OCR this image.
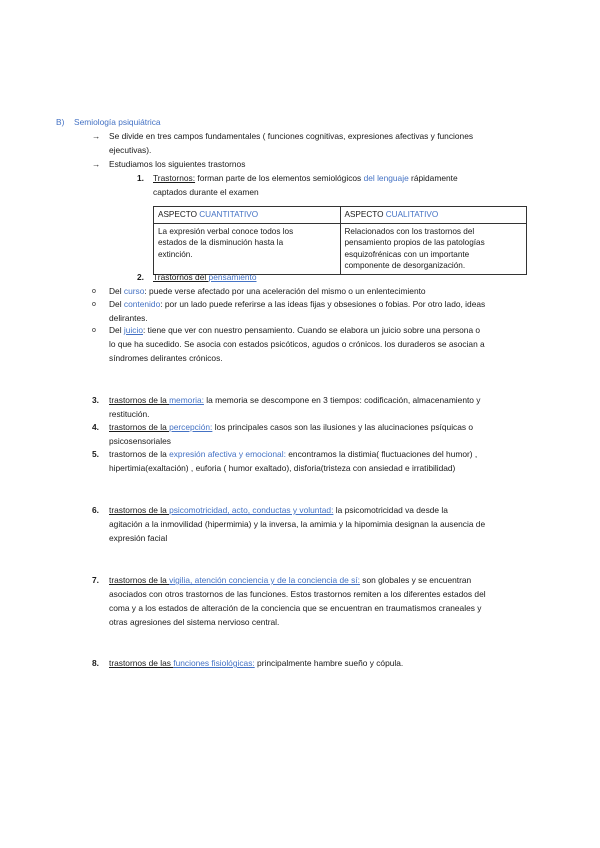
B) Semiología psiquiátrica
→ Se divide en tres campos fundamentales ( funciones cognitivas, expresiones afectivas y funciones
ejecutivas).
→ Estudiamos los siguientes trastornos
1. Trastornos: forman parte de los elementos semiológicos del lenguaje rápidamente
captados durante el examen
ASPECTO CUANTITATIVO	ASPECTO CUALITATIVO

La expresión verbal conoce todos los estados de la disminución hasta la extinción.	Relacionados con los trastornos del pensamiento propios de las patologías esquizofrénicas con un importante componente de desorganización.
2. Trastornos del pensamiento
o Del curso: puede verse afectado por una aceleración del mismo o un enlentecimiento
o Del contenido: por un lado puede referirse a las ideas fijas y obsesiones o fobias. Por otro lado, ideas
delirantes.
o Del juicio: tiene que ver con nuestro pensamiento. Cuando se elabora un juicio sobre una persona o
lo que ha sucedido. Se asocia con estados psicóticos, agudos o crónicos. los duraderos se asocian a
síndromes delirantes crónicos.
3. trastornos de la memoria: la memoria se descompone en 3 tiempos: codificación, almacenamiento y
restitución.
4. trastornos de la percepción: los principales casos son las ilusiones y las alucinaciones psíquicas o
psicosensoriales
5. trastornos de la expresión afectiva y emocional: encontramos la distimia( fluctuaciones del humor) ,
hipertimia(exaltación) , euforia ( humor exaltado), disforia(tristeza con ansiedad e irratibilidad)
6. trastornos de la psicomotricidad, acto, conductas y voluntad: la psicomotricidad va desde la
agitación a la inmovilidad (hipermimia) y la inversa, la amimia y la hipomimia designan la ausencia de
expresión facial
7. trastornos de la vigilia, atención conciencia y de la conciencia de sí: son globales y se encuentran
asociados con otros trastornos de las funciones. Estos trastornos remiten a los diferentes estados del
coma y a los estados de alteración de la conciencia que se encuentran en traumatismos craneales y
otras agresiones del sistema nervioso central.
8. trastornos de las funciones fisiológicas: principalmente hambre sueño y cópula.
